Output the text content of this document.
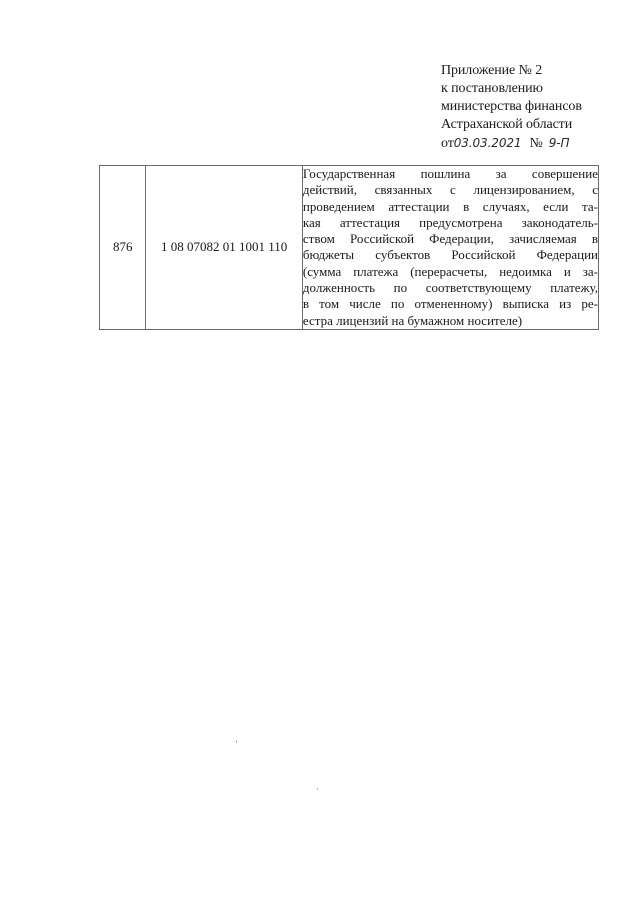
Приложение № 2
к постановлению
министерства финансов
Астраханской области
от03.03.2021 № 9-П
876	1 08 07082 01 1001 110	
Государственная пошлина за совершение
действий, связанных с лицензированием, с
проведением аттестации в случаях, если та-
кая аттестация предусмотрена законодатель-
ством Российской Федерации, зачисляемая в
бюджеты субъектов Российской Федерации
(сумма платежа (перерасчеты, недоимка и за-
долженность по соответствующему платежу,
в том числе по отмененному) выписка из ре-
естра лицензий на бумажном носителе)
